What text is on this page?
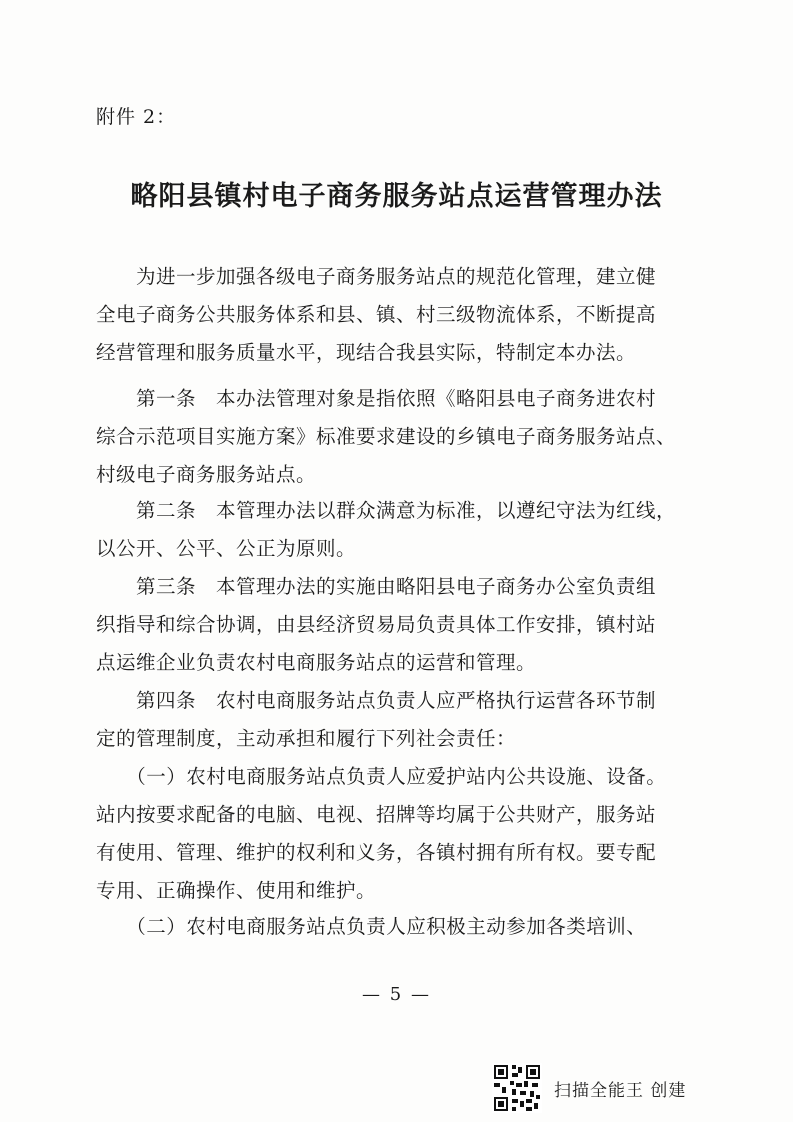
附件 2：
略阳县镇村电子商务服务站点运营管理办法
　　为进一步加强各级电子商务服务站点的规范化管理，建立健
全电子商务公共服务体系和县、镇、村三级物流体系，不断提高
经营管理和服务质量水平，现结合我县实际，特制定本办法。
　　第一条　本办法管理对象是指依照《略阳县电子商务进农村
综合示范项目实施方案》标准要求建设的乡镇电子商务服务站点、
村级电子商务服务站点。
　　第二条　本管理办法以群众满意为标准，以遵纪守法为红线，
以公开、公平、公正为原则。
　　第三条　本管理办法的实施由略阳县电子商务办公室负责组
织指导和综合协调，由县经济贸易局负责具体工作安排，镇村站
点运维企业负责农村电商服务站点的运营和管理。
　　第四条　农村电商服务站点负责人应严格执行运营各环节制
定的管理制度，主动承担和履行下列社会责任：
　　（一）农村电商服务站点负责人应爱护站内公共设施、设备。
站内按要求配备的电脑、电视、招牌等均属于公共财产，服务站
有使用、管理、维护的权利和义务，各镇村拥有所有权。要专配
专用、正确操作、使用和维护。
　　（二）农村电商服务站点负责人应积极主动参加各类培训、
— 5 —
扫描全能王 创建
